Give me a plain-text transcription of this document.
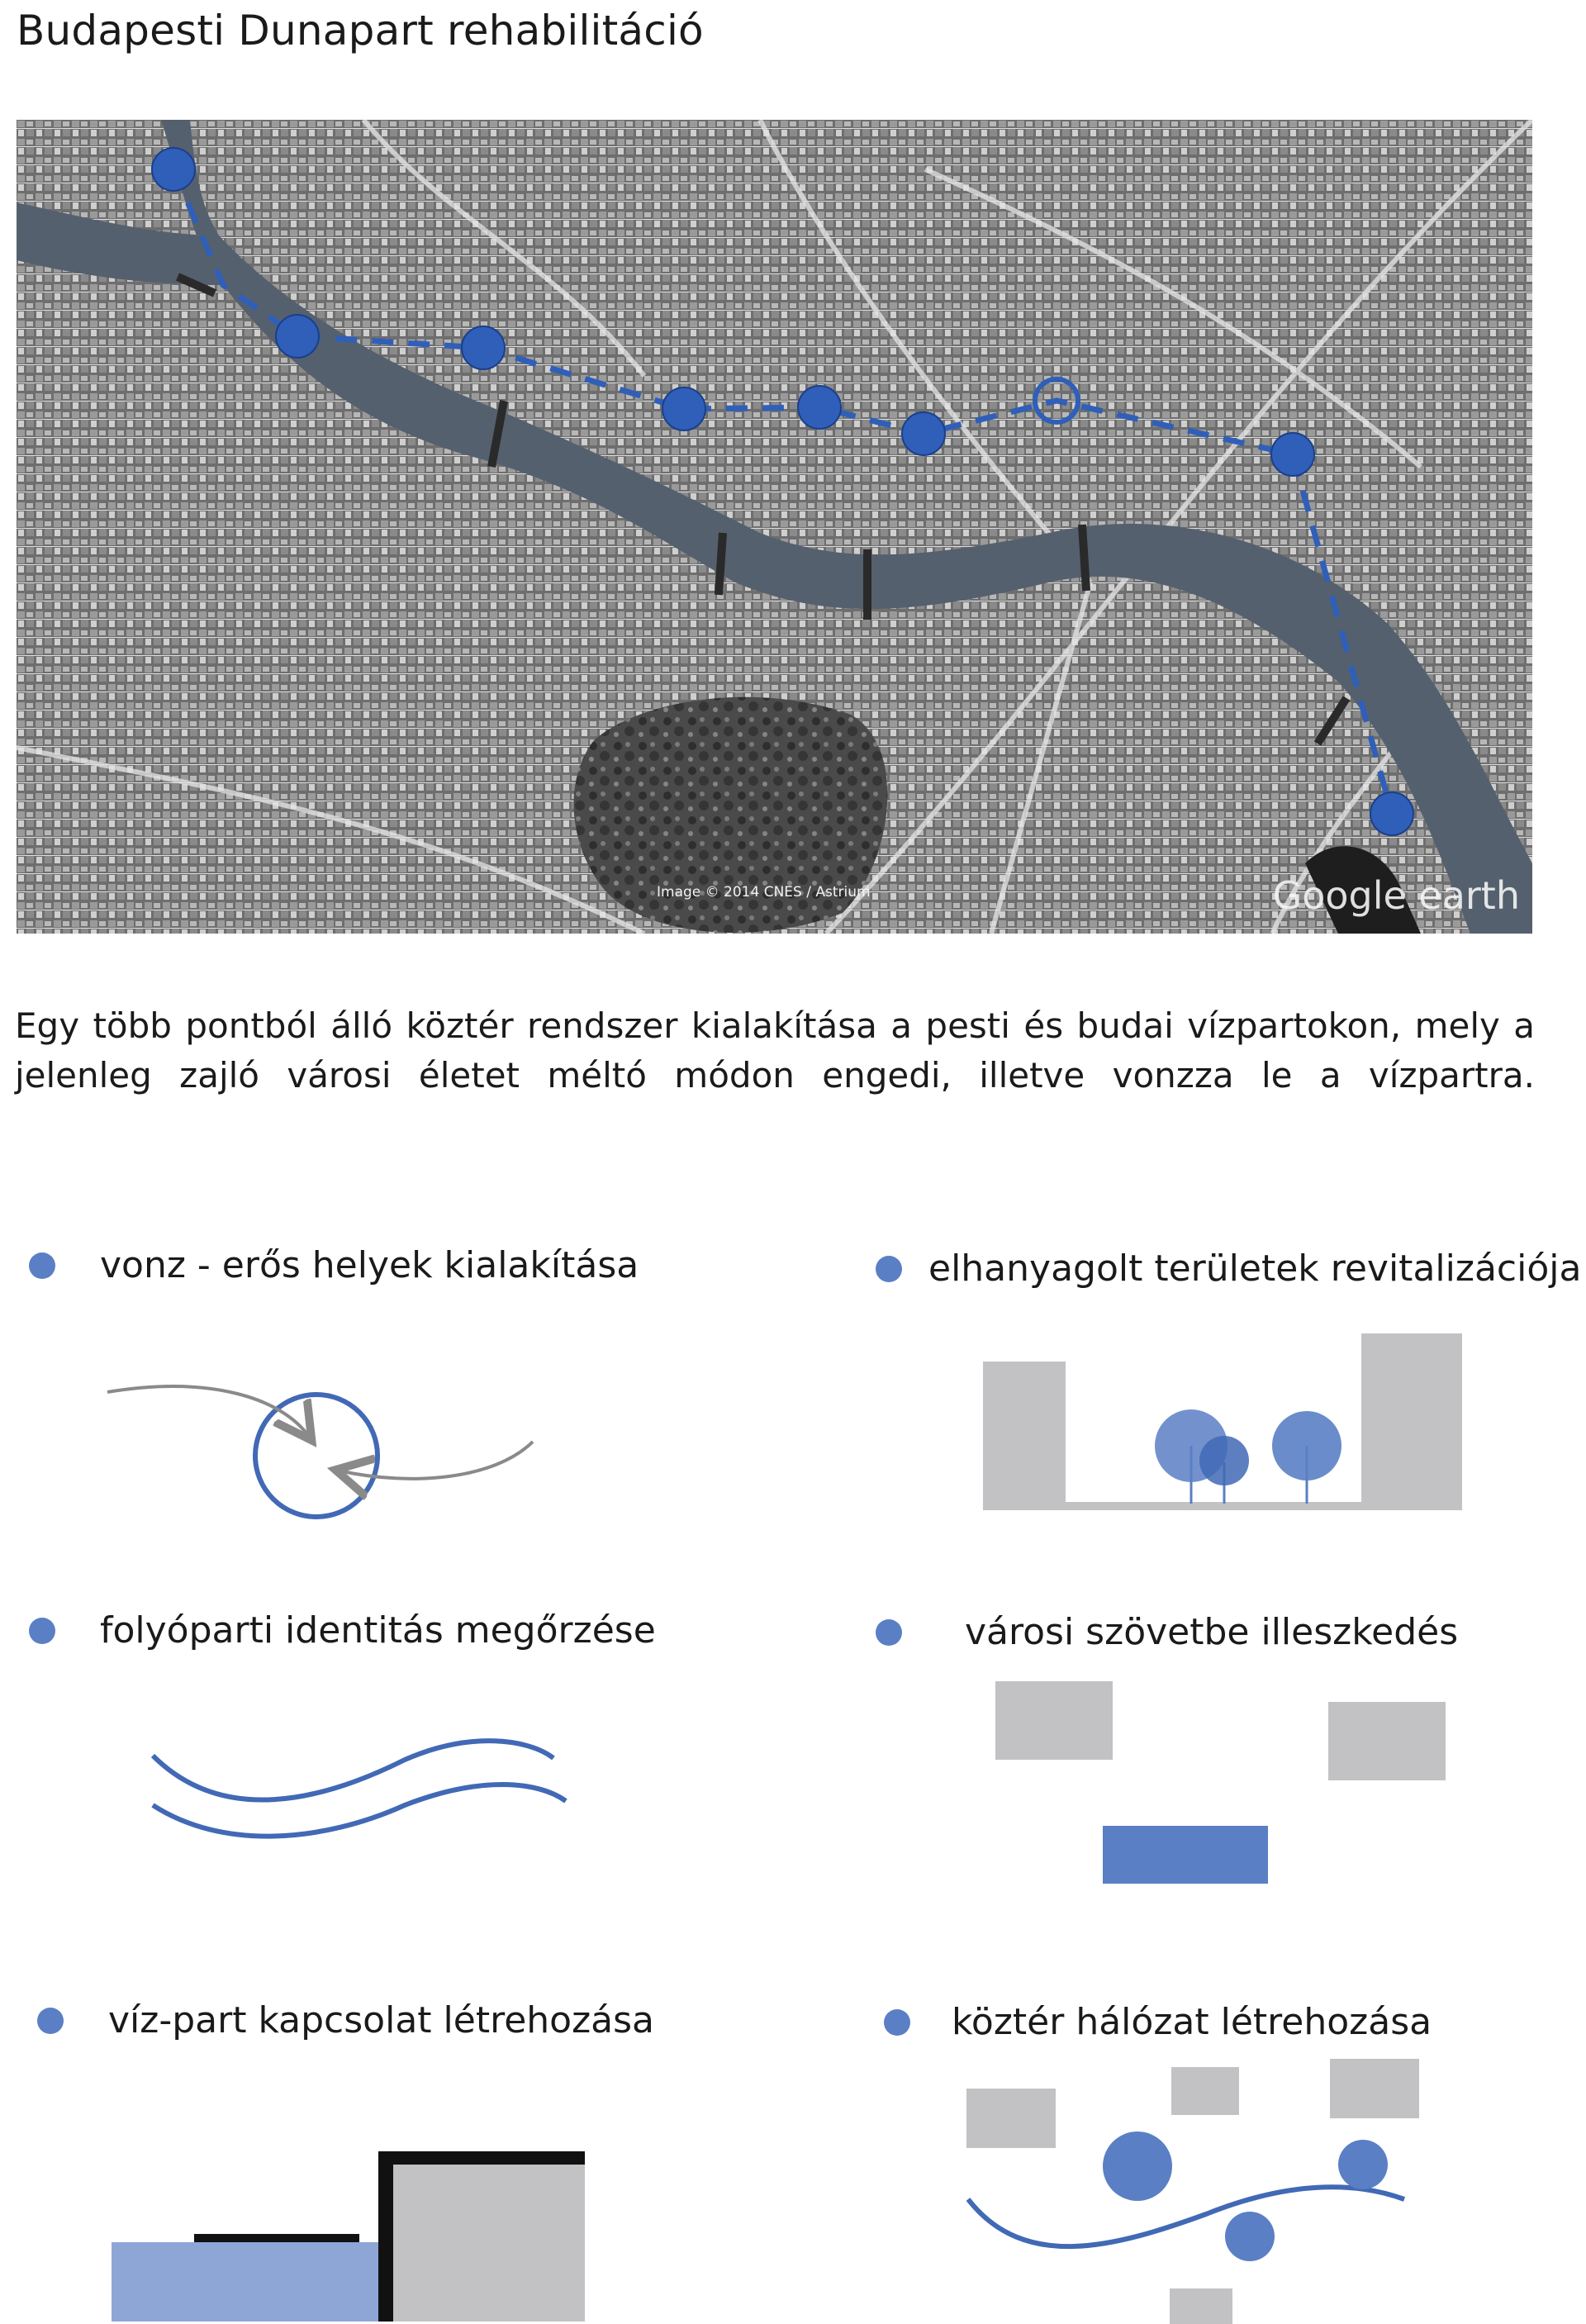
Budapesti Dunapart rehabilitáció
Image © 2014 CNES / Astrium	Google earth

Egy több pontból álló köztér rendszer kialakítása a pesti és budai vízpartokon, mely a
jelenleg zajló városi életet méltó módon engedi, illetve vonzza le a vízpartra.

vonz - erős helyek kialakítása	elhanyagolt területek revitalizációja
folyóparti identitás megőrzése	városi szövetbe illeszkedés
víz-part kapcsolat létrehozása	köztér hálózat létrehozása
